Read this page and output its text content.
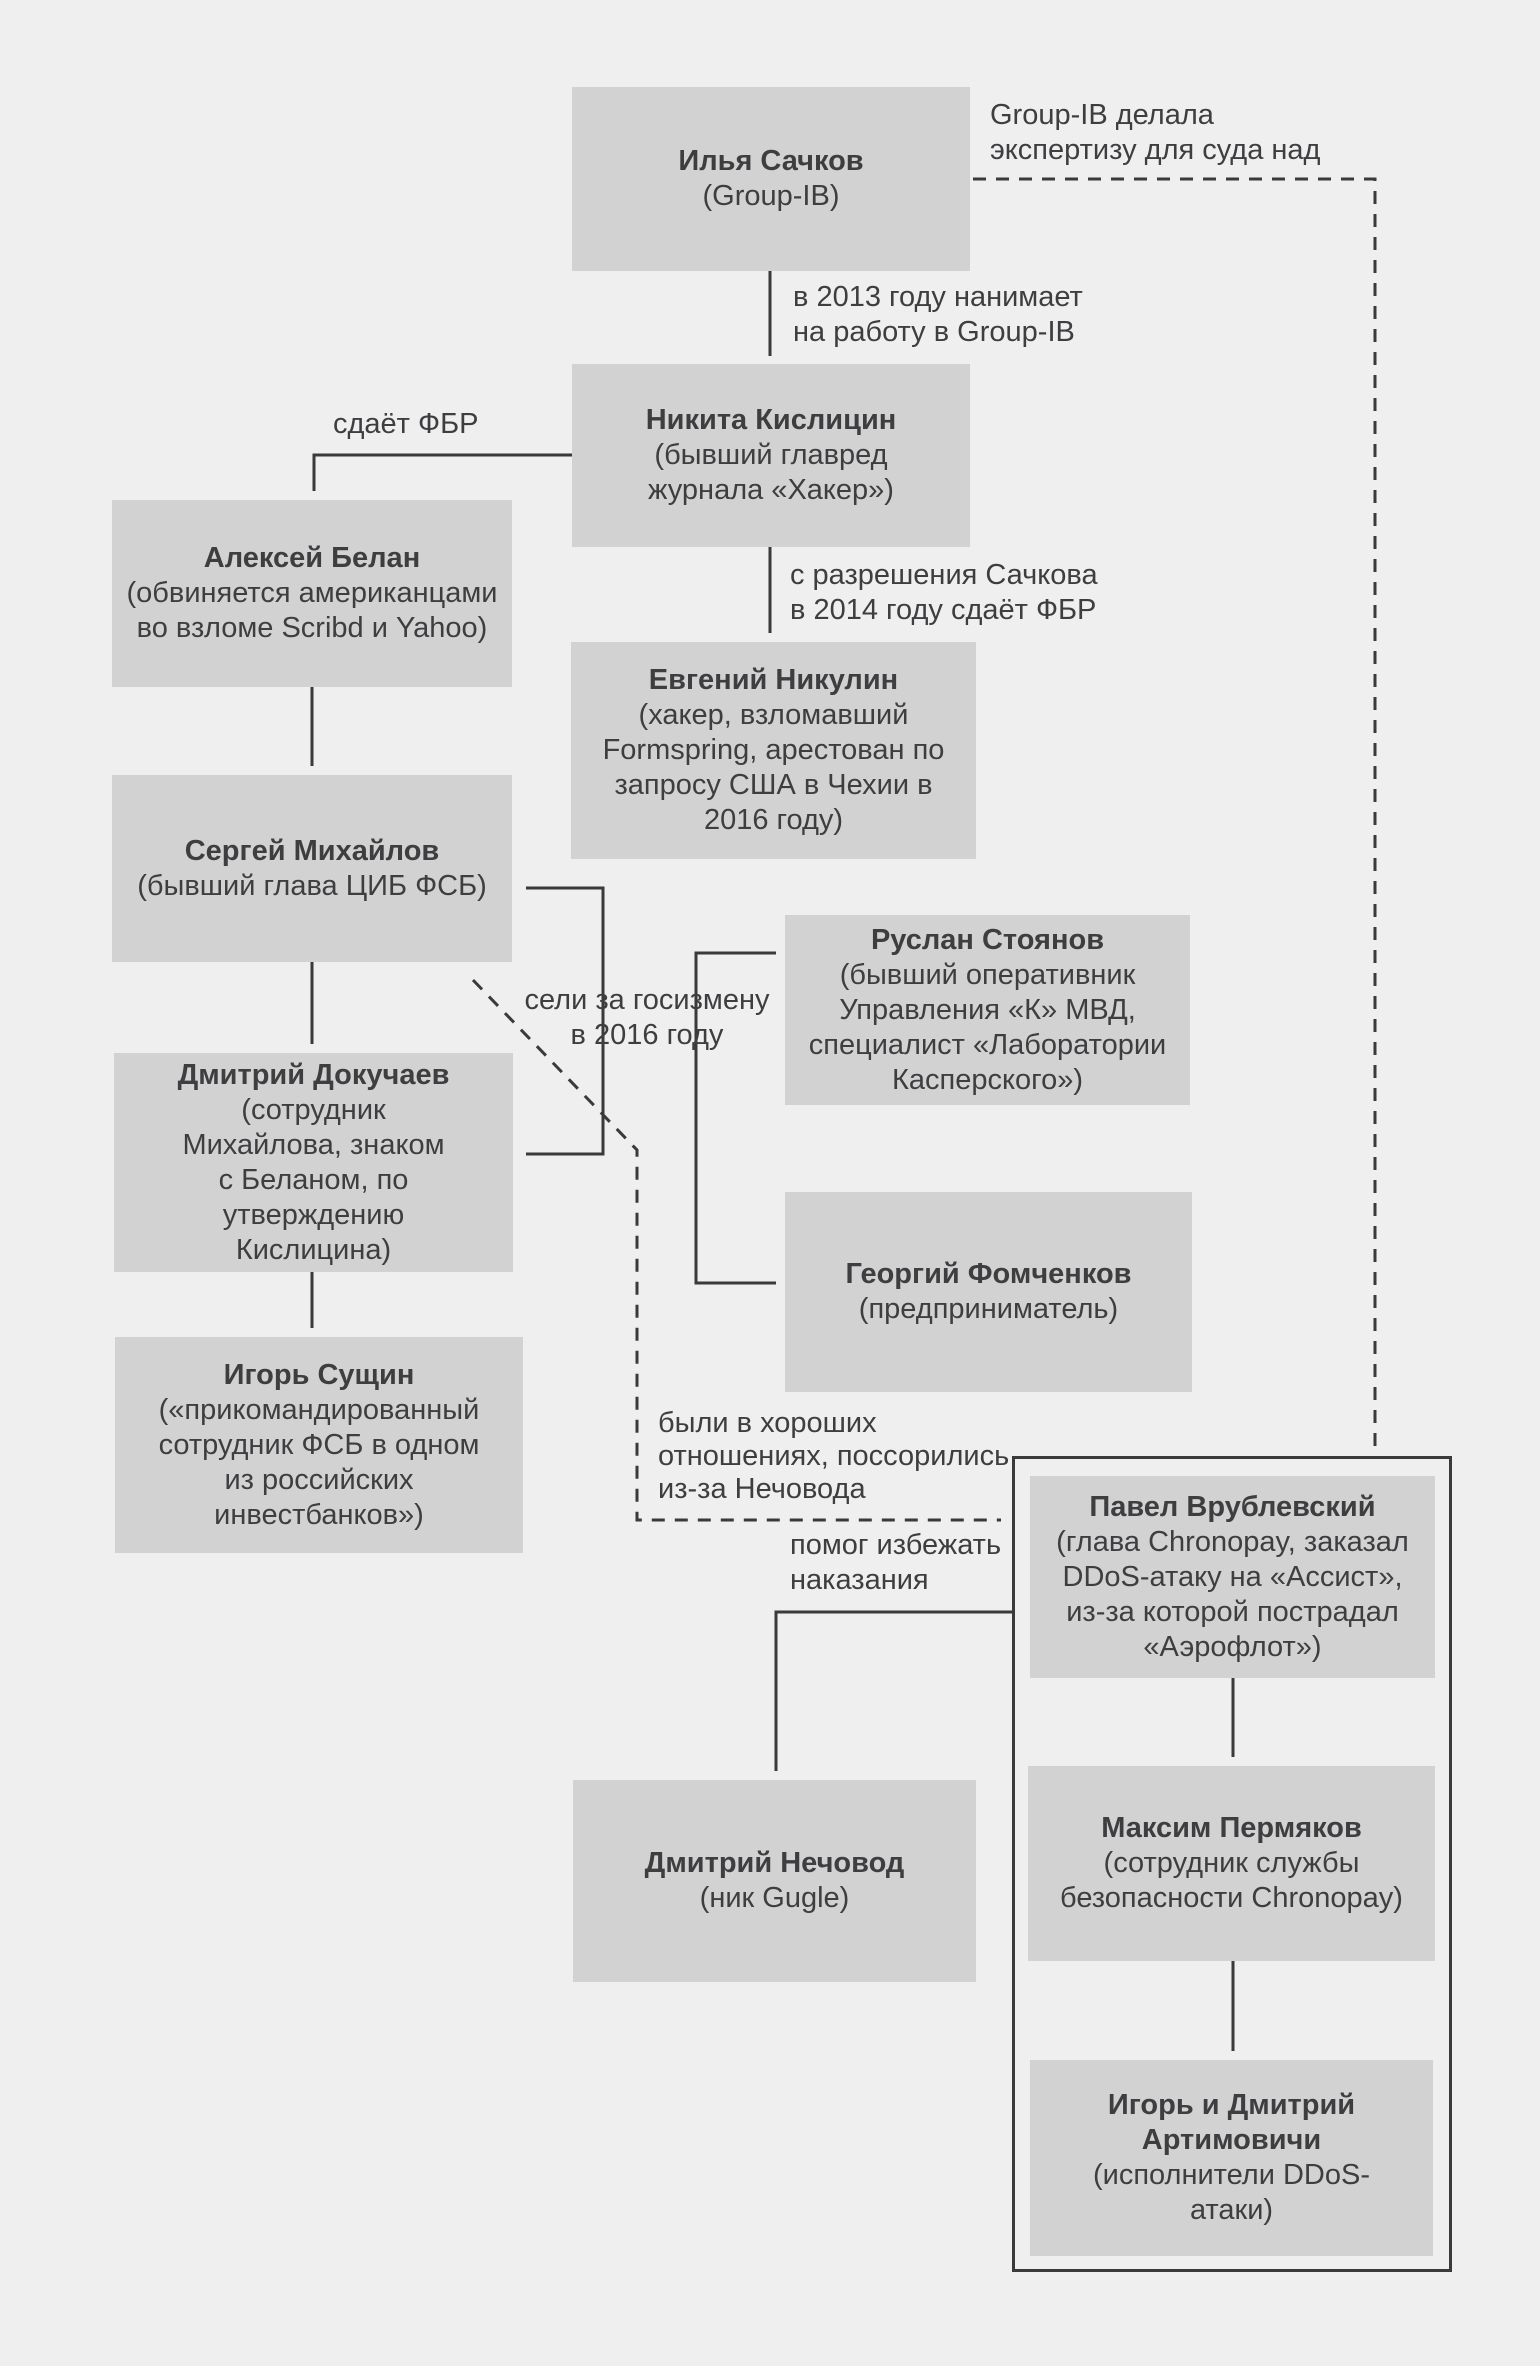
Илья Сачков
(Group-IB)
Никита Кислицин
(бывший главред журнала «Хакер»)
Алексей Белан
(обвиняется американцами во взломе Scribd и Yahoo)
Евгений Никулин
(хакер, взломавший Formspring, арестован по запросу США в Чехии в 2016 году)
Сергей Михайлов
(бывший глава ЦИБ ФСБ)
Руслан Стоянов
(бывший оперативник Управления «К» МВД, специалист «Лаборатории Касперского»)
Дмитрий Докучаев
(сотрудник Михайлова, знаком с Беланом, по утверждению Кислицина)
Георгий Фомченков
(предприниматель)
Игорь Сущин
(«прикомандированный сотрудник ФСБ в одном из российских инвестбанков»)	Павел Врублевский
(глава Chronopay, заказал DDoS-атаку на «Ассист», из-за которой пострадал «Аэрофлот»)
Дмитрий Нечовод
(ник Gugle)
Максим Пермяков
(сотрудник службы безопасности Chronopay)
Игорь и Дмитрий Артимовичи
(исполнители DDoS-атаки)
Group-IB делала
экспертизу для суда над
в 2013 году нанимает
на работу в Group-IB
сдаёт ФБР
с разрешения Сачкова
в 2014 году сдаёт ФБР
сели за госизмену
в 2016 году
были в хороших
отношениях, поссорились
из-за Нечовода
помог избежать
наказания
